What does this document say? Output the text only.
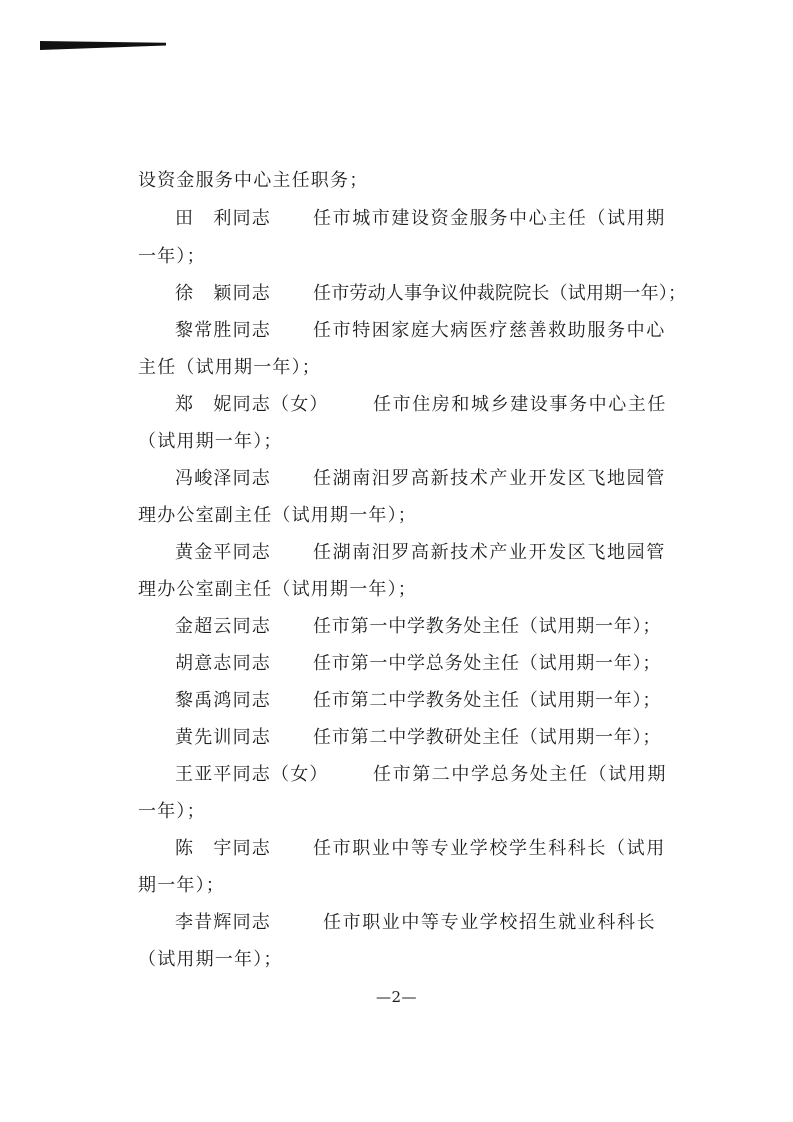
设资金服务中心主任职务；
田　利同志 任市城市建设资金服务中心主任（试用期
一年）；
徐　颖同志 任市劳动人事争议仲裁院院长（试用期一年）；
黎常胜同志 任市特困家庭大病医疗慈善救助服务中心
主任（试用期一年）；
郑　妮同志（女） 任市住房和城乡建设事务中心主任
（试用期一年）；
冯峻泽同志 任湖南汨罗高新技术产业开发区飞地园管
理办公室副主任（试用期一年）；
黄金平同志 任湖南汨罗高新技术产业开发区飞地园管
理办公室副主任（试用期一年）；
金超云同志 任市第一中学教务处主任（试用期一年）；
胡意志同志 任市第一中学总务处主任（试用期一年）；
黎禹鸿同志 任市第二中学教务处主任（试用期一年）；
黄先训同志 任市第二中学教研处主任（试用期一年）；
王亚平同志（女） 任市第二中学总务处主任（试用期
一年）；
陈　宇同志 任市职业中等专业学校学生科科长（试用
期一年）；
李昔辉同志	任市职业中等专业学校招生就业科科长
（试用期一年）；
—2—
